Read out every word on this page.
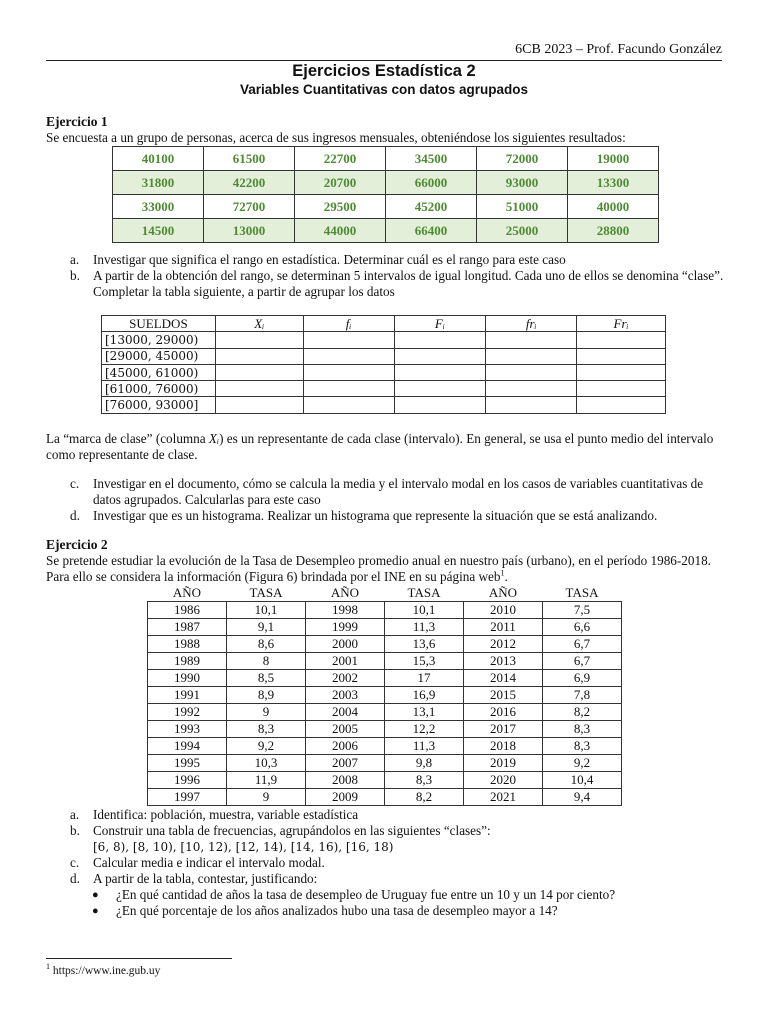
6CB 2023 – Prof. Facundo González
Ejercicios Estadística 2
Variables Cuantitativas con datos agrupados
Ejercicio 1
Se encuesta a un grupo de personas, acerca de sus ingresos mensuales, obteniéndose los siguientes resultados:
40100	61500	22700	34500	72000	19000
31800	42200	20700	66000	93000	13300
33000	72700	29500	45200	51000	40000
14500	13000	44000	66400	25000	28800
a. Investigar que significa el rango en estadística. Determinar cuál es el rango para este caso
b. A partir de la obtención del rango, se determinan 5 intervalos de igual longitud. Cada uno de ellos se denomina “clase”. Completar la tabla siguiente, a partir de agrupar los datos
SUELDOS	Xᵢ	fᵢ	Fᵢ	frᵢ	Frᵢ
[13000, 29000)					
[29000, 45000)					
[45000, 61000)					
[61000, 76000)					
[76000, 93000]					
La “marca de clase” (columna Xᵢ) es un representante de cada clase (intervalo). En general, se usa el punto medio del intervalo como representante de clase.
c. Investigar en el documento, cómo se calcula la media y el intervalo modal en los casos de variables cuantitativas de datos agrupados. Calcularlas para este caso
d. Investigar que es un histograma. Realizar un histograma que represente la situación que se está analizando.
Ejercicio 2
Se pretende estudiar la evolución de la Tasa de Desempleo promedio anual en nuestro país (urbano), en el período 1986-2018. Para ello se considera la información (Figura 6) brindada por el INE en su página web$^1$.
AÑO	TASA	AÑO	TASA	AÑO	TASA
1986	10,1	1998	10,1	2010	7,5
1987	9,1	1999	11,3	2011	6,6
1988	8,6	2000	13,6	2012	6,7
1989	8	2001	15,3	2013	6,7
1990	8,5	2002	17	2014	6,9
1991	8,9	2003	16,9	2015	7,8
1992	9	2004	13,1	2016	8,2
1993	8,3	2005	12,2	2017	8,3
1994	9,2	2006	11,3	2018	8,3
1995	10,3	2007	9,8	2019	9,2
1996	11,9	2008	8,3	2020	10,4
1997	9	2009	8,2	2021	9,4
a. Identifica: población, muestra, variable estadística
b. Construir una tabla de frecuencias, agrupándolos en las siguientes “clases”:
[6, 8), [8, 10), [10, 12), [12, 14), [14, 16), [16, 18)
c. Calcular media e indicar el intervalo modal.
d. A partir de la tabla, contestar, justificando:
● ¿En qué cantidad de años la tasa de desempleo de Uruguay fue entre un 10 y un 14 por ciento?
● ¿En qué porcentaje de los años analizados hubo una tasa de desempleo mayor a 14?
$^1$ https://www.ine.gub.uy
